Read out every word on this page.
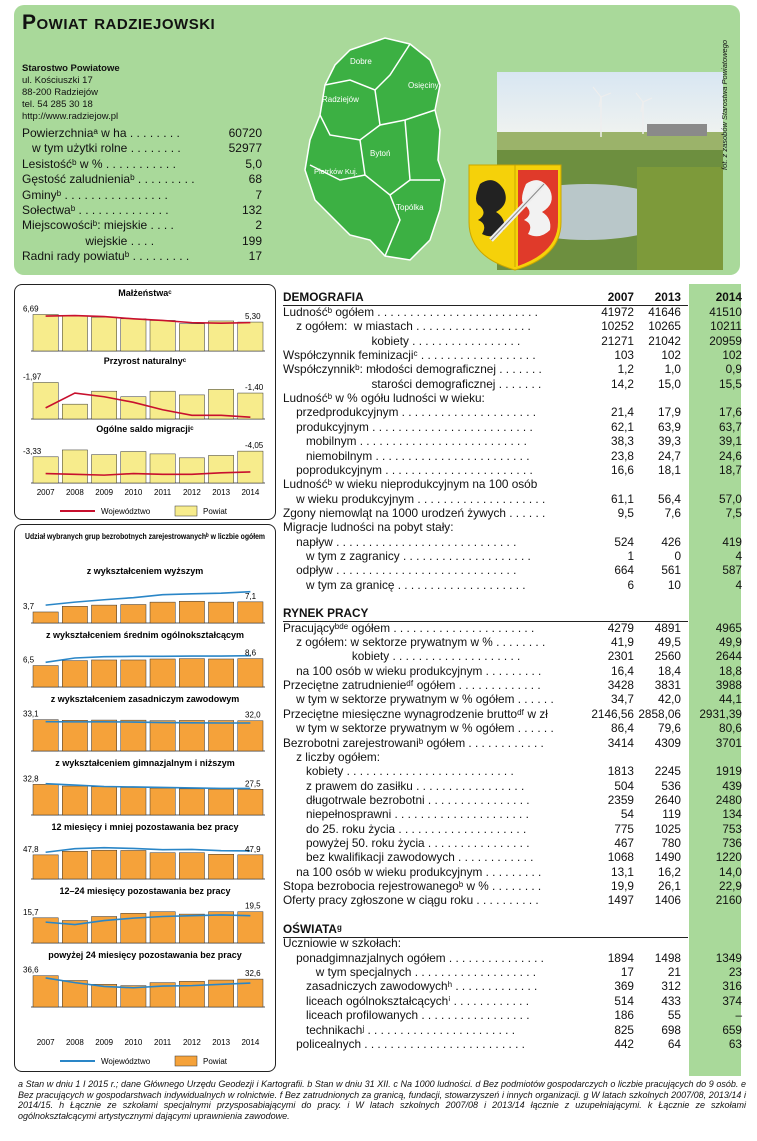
Powiat radziejowski
Starostwo Powiatowe
ul. Kościuszki 17
88-200 Radziejów
tel. 54 285 30 18
http://www.radziejow.pl
Powierzchniaᵃ w ha . . . . . . . .	60720
w tym użytki rolne . . . . . . . .	52977
Lesistośćᵇ w % . . . . . . . . . . .	5,0
Gęstość zaludnieniaᵇ . . . . . . . . .	68
Gminyᵇ . . . . . . . . . . . . . . . .	7
Sołectwaᵇ . . . . . . . . . . . . . .	132
Miejscowościᵇ: miejskie . . . .	2
wiejskie . . . .	199
Radni rady powiatuᵇ . . . . . . . . .	17
Dobre
Osięciny
Radziejów
Bytoń
Piotrków Kuj.
Topólka
fot. z zasobów Starostwa Powiatowego
Małżeństwaᶜ
6,69
5,30
Przyrost naturalnyᶜ
-1,97
-1,40
Ogólne saldo migracjiᶜ
-3,33
-4,05
2007 2008 2009 2010 2011 2012 2013 2014
Województwo	Powiat
Udział wybranych grup bezrobotnych zarejestrowanychᵇ w liczbie ogółem
z wykształceniem wyższym
3,7
7,1
z wykształceniem średnim ogólnokształcącym
6,5
8,6
z wykształceniem zasadniczym zawodowym
33,1	32,0
z wykształceniem gimnazjalnym i niższym
32,8
27,5
12 miesięcy i mniej pozostawania bez pracy
47,8	47,9
12–24 miesięcy pozostawania bez pracy
15,7
19,5
powyżej 24 miesięcy pozostawania bez pracy
36,6	32,6
2007 2008 2009 2010 2011 2012 2013 2014
Województwo	Powiat
DEMOGRAFIA	2007	2013	2014
Ludnośćᵇ ogółem . . . . . . . . . . . . . . . . . . . . . . . . .	41972	41646	41510
z ogółem:  w miastach . . . . . . . . . . . . . . . . . .	10252	10265	10211
kobiety . . . . . . . . . . . . . . . . .	21271	21042	20959
Współczynnik feminizacjiᶜ . . . . . . . . . . . . . . . . . .	103	102	102
Współczynnikᵇ: młodości demograficznej . . . . . . .	1,2	1,0	0,9
starości demograficznej . . . . . . .	14,2	15,0	15,5
Ludnośćᵇ w % ogółu ludności w wieku:
przedprodukcyjnym . . . . . . . . . . . . . . . . . . . . .	21,4	17,9	17,6
produkcyjnym . . . . . . . . . . . . . . . . . . . . . . . . .	62,1	63,9	63,7
mobilnym . . . . . . . . . . . . . . . . . . . . . . . . . .	38,3	39,3	39,1
niemobilnym . . . . . . . . . . . . . . . . . . . . . . . .	23,8	24,7	24,6
poprodukcyjnym . . . . . . . . . . . . . . . . . . . . . . .	16,6	18,1	18,7
Ludnośćᵇ w wieku nieprodukcyjnym na 100 osób
w wieku produkcyjnym . . . . . . . . . . . . . . . . . . . .	61,1	56,4	57,0
Zgony niemowląt na 1000 urodzeń żywych . . . . . .	9,5	7,6	7,5
Migracje ludności na pobyt stały:
napływ . . . . . . . . . . . . . . . . . . . . . . . . . . . .	524	426	419
w tym z zagranicy . . . . . . . . . . . . . . . . . . . .	1	0	4
odpływ . . . . . . . . . . . . . . . . . . . . . . . . . . . .	664	561	587
w tym za granicę . . . . . . . . . . . . . . . . . . . .	6	10	4
RYNEK PRACY
Pracującyᵇᵈᵉ ogółem . . . . . . . . . . . . . . . . . . . . . .	4279	4891	4965
z ogółem: w sektorze prywatnym w % . . . . . . . .	41,9	49,5	49,9
kobiety . . . . . . . . . . . . . . . . . . . .	2301	2560	2644
na 100 osób w wieku produkcyjnym . . . . . . . . .	16,4	18,4	18,8
Przeciętne zatrudnienieᵈᶠ ogółem . . . . . . . . . . . . .	3428	3831	3988
w tym w sektorze prywatnym w % ogółem . . . . . .	34,7	42,0	44,1
Przeciętne miesięczne wynagrodzenie bruttoᵈᶠ w zł	2146,56 2858,06	2931,39
w tym w sektorze prywatnym w % ogółem . . . . . .	86,4	79,6	80,6
Bezrobotni zarejestrowaniᵇ ogółem . . . . . . . . . . . .	3414	4309	3701
z liczby ogółem:
kobiety . . . . . . . . . . . . . . . . . . . . . . . . . .	1813	2245	1919
z prawem do zasiłku . . . . . . . . . . . . . . . . .	504	536	439
długotrwale bezrobotni . . . . . . . . . . . . . . . .	2359	2640	2480
niepełnosprawni . . . . . . . . . . . . . . . . . . . . .	54	119	134
do 25. roku życia . . . . . . . . . . . . . . . . . . . .	775	1025	753
powyżej 50. roku życia . . . . . . . . . . . . . . . .	467	780	736
bez kwalifikacji zawodowych . . . . . . . . . . . .	1068	1490	1220
na 100 osób w wieku produkcyjnym . . . . . . . . .	13,1	16,2	14,0
Stopa bezrobocia rejestrowanegoᵇ w % . . . . . . . .	19,9	26,1	22,9
Oferty pracy zgłoszone w ciągu roku . . . . . . . . . .	1497	1406	2160
OŚWIATAᵍ
Uczniowie w szkołach:
ponadgimnazjalnych ogółem . . . . . . . . . . . . . . .	1894	1498	1349
w tym specjalnych . . . . . . . . . . . . . . . . . . .	17	21	23
zasadniczych zawodowychʰ . . . . . . . . . . . . .	369	312	316
liceach ogólnokształcącychⁱ . . . . . . . . . . . .	514	433	374
liceach profilowanych . . . . . . . . . . . . . . . . .	186	55	–
technikachʲ . . . . . . . . . . . . . . . . . . . . . . .	825	698	659
policealnych . . . . . . . . . . . . . . . . . . . . . . . . .	442	64	63
a Stan w dniu 1 I 2015 r.; dane Głównego Urzędu Geodezji i Kartografii. b Stan w dniu 31 XII. c Na 1000 ludności. d Bez podmiotów gospodarczych o liczbie pracujących do 9 osób. e Bez pracujących w gospodarstwach indywidualnych w rolnictwie. f Bez zatrudnionych za granicą, fundacji, stowarzyszeń i innych organizacji. g W latach szkolnych 2007/08, 2013/14 i 2014/15. h Łącznie ze szkołami specjalnymi przysposabiającymi do pracy. i W latach szkolnych 2007/08 i 2013/14 łącznie z uzupełniającymi. k Łącznie ze szkołami ogólnokształcącymi artystycznymi dającymi uprawnienia zawodowe.
